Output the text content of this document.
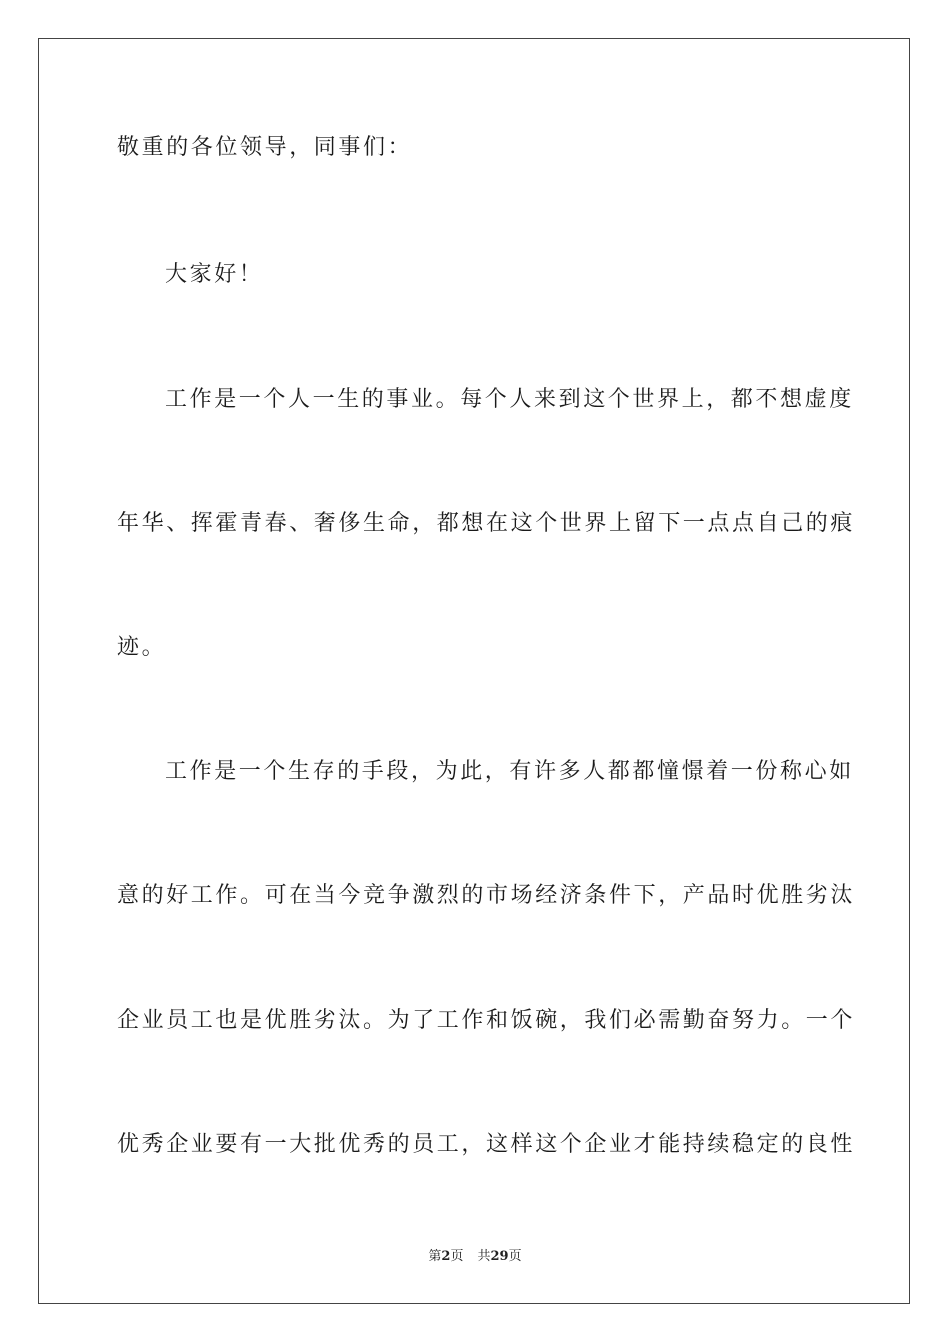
敬重的各位领导，同事们：
大家好！
工作是一个人一生的事业。每个人来到这个世界上，都不想虚度
年华、挥霍青春、奢侈生命，都想在这个世界上留下一点点自己的痕
迹。
工作是一个生存的手段，为此，有许多人都都憧憬着一份称心如
意的好工作。可在当今竞争激烈的市场经济条件下，产品时优胜劣汰
企业员工也是优胜劣汰。为了工作和饭碗，我们必需勤奋努力。一个
优秀企业要有一大批优秀的员工，这样这个企业才能持续稳定的良性
第2页 共29页
